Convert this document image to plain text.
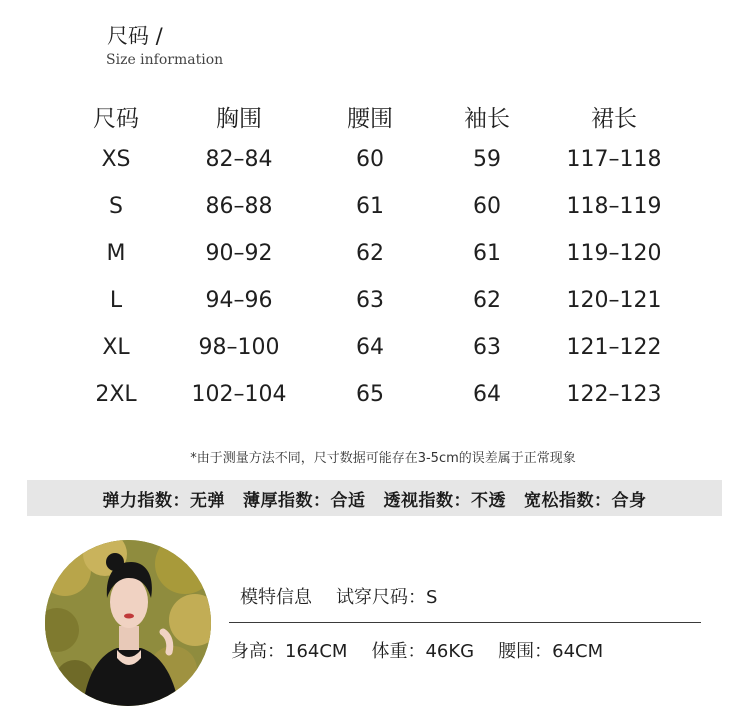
尺码 /
Size information
尺码	胸围	腰围	袖长	裙长
XS	82–84	60	59	117–118
S	86–88	61	60	118–119
M	90–92	62	61	119–120
L	94–96	63	62	120–121
XL	98–100	64	63	121–122
2XL 102–104	65	64	122–123
*由于测量方法不同，尺寸数据可能存在3-5cm的误差属于正常现象
弹力指数：无弹 薄厚指数：合适 透视指数：不透 宽松指数：合身
模特信息 试穿尺码：S
身高：164CM 体重：46KG 腰围：64CM
